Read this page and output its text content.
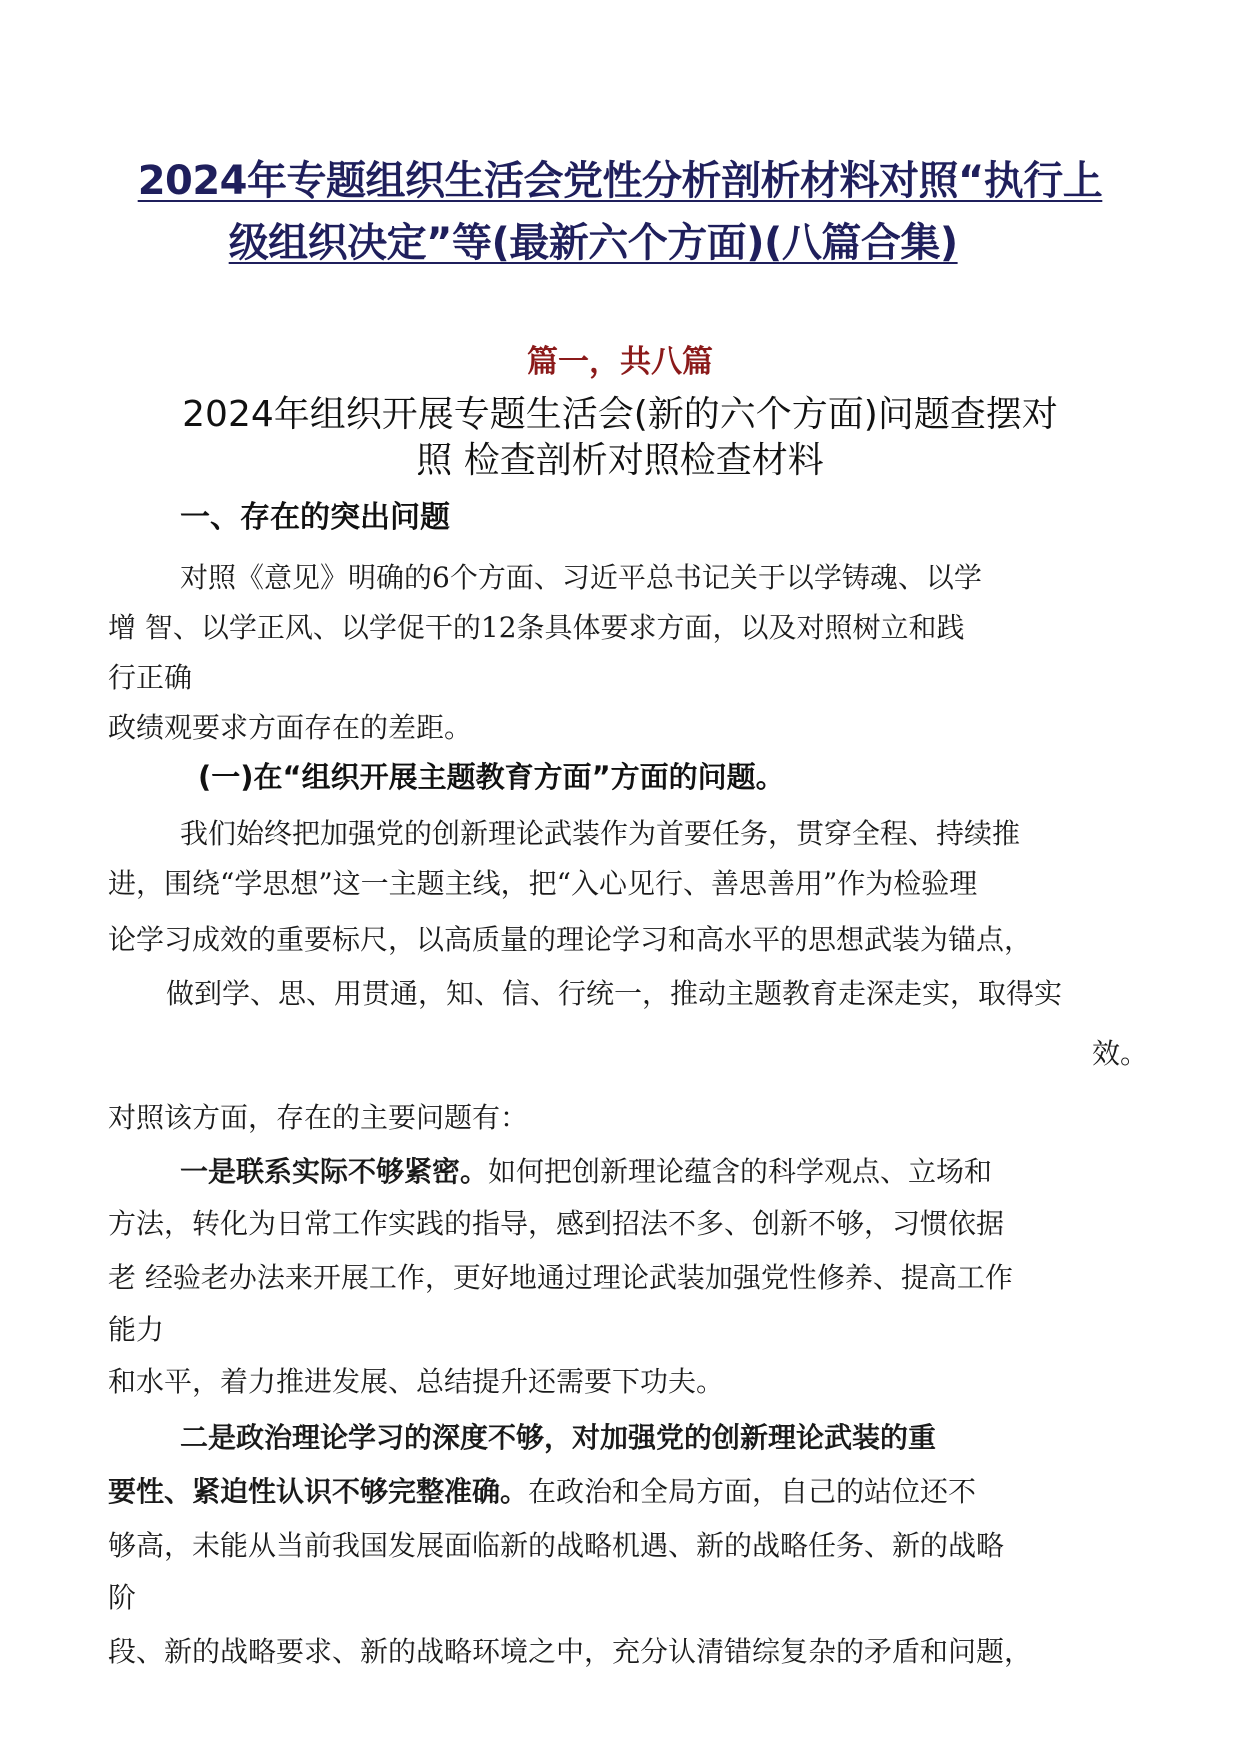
2024年专题组织生活会党性分析剖析材料对照“执行上
级组织决定”等(最新六个方面)(八篇合集)
篇一，共八篇
2024年组织开展专题生活会(新的六个方面)问题查摆对
照 检查剖析对照检查材料
一、存在的突出问题
对照《意见》明确的6个方面、习近平总书记关于以学铸魂、以学
增 智、以学正风、以学促干的12条具体要求方面，以及对照树立和践
行正确
政绩观要求方面存在的差距。
(一)在“组织开展主题教育方面”方面的问题。
我们始终把加强党的创新理论武装作为首要任务，贯穿全程、持续推
进，围绕“学思想”这一主题主线，把“入心见行、善思善用”作为检验理
论学习成效的重要标尺，以高质量的理论学习和高水平的思想武装为锚点，
做到学、思、用贯通，知、信、行统一，推动主题教育走深走实，取得实
效。
对照该方面，存在的主要问题有：
一是联系实际不够紧密。如何把创新理论蕴含的科学观点、立场和
方法，转化为日常工作实践的指导，感到招法不多、创新不够，习惯依据
老 经验老办法来开展工作，更好地通过理论武装加强党性修养、提高工作
能力
和水平，着力推进发展、总结提升还需要下功夫。
二是政治理论学习的深度不够，对加强党的创新理论武装的重
要性、紧迫性认识不够完整准确。在政治和全局方面，自己的站位还不
够高，未能从当前我国发展面临新的战略机遇、新的战略任务、新的战略
阶
段、新的战略要求、新的战略环境之中，充分认清错综复杂的矛盾和问题，
